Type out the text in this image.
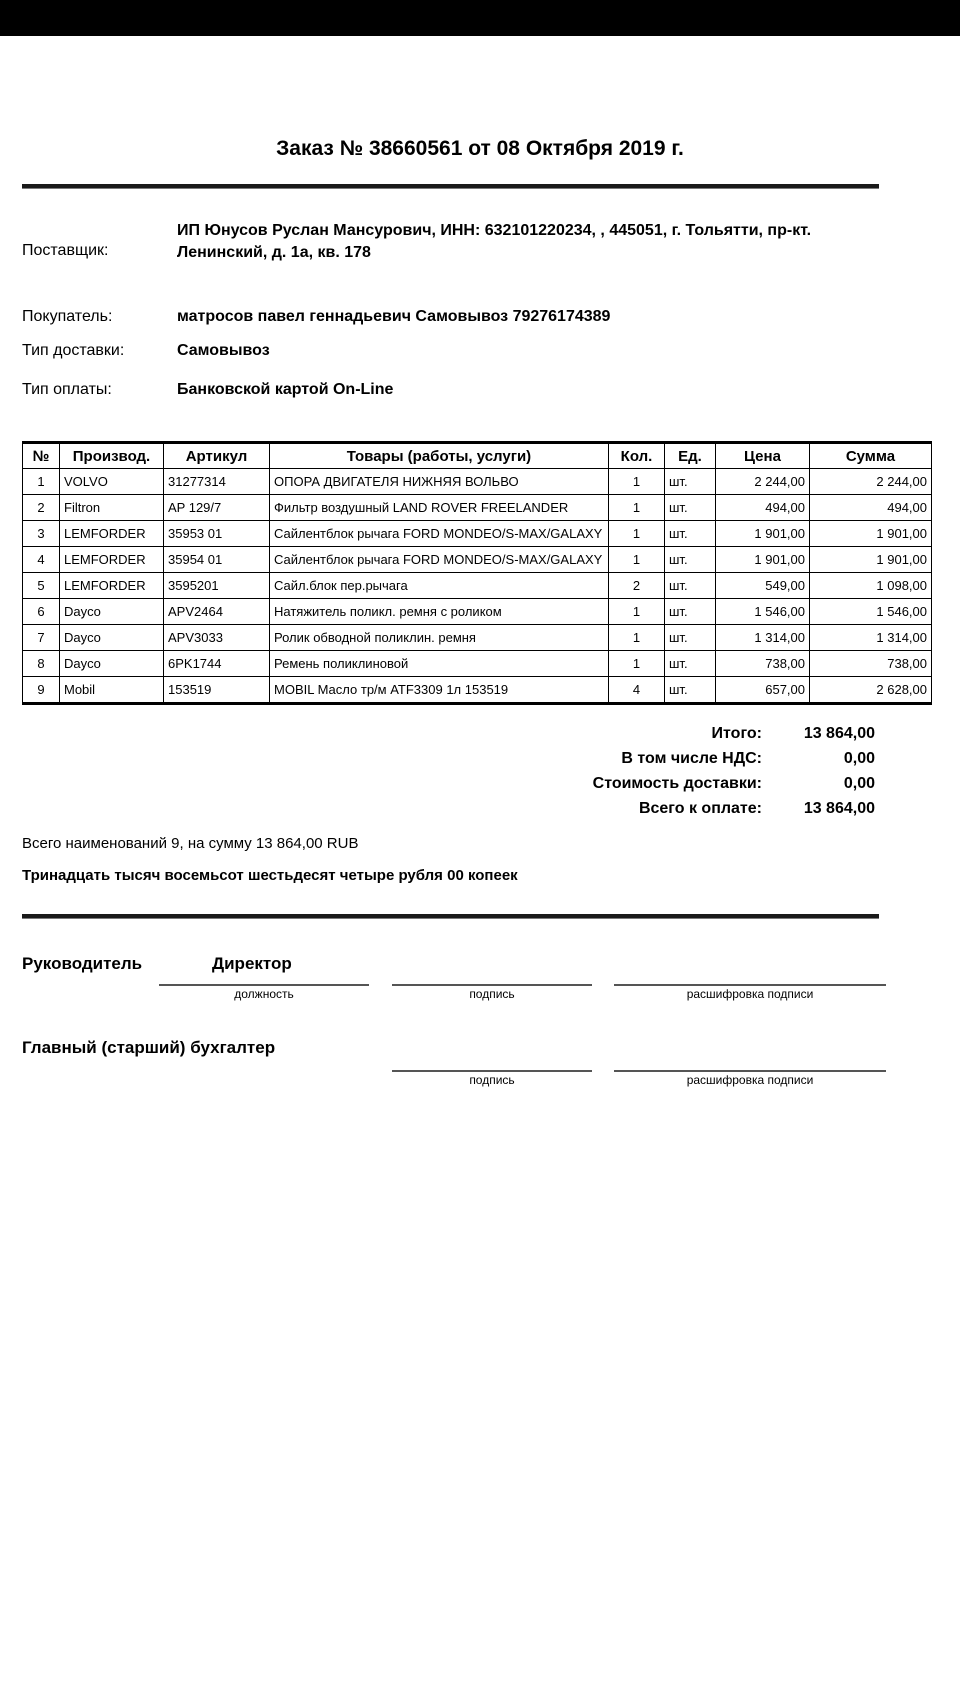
Заказ № 38660561 от 08 Октября 2019 г.
Поставщик:
ИП Юнусов Руслан Мансурович, ИНН: 632101220234, , 445051, г. Тольятти, пр-кт. Ленинский, д. 1а, кв. 178
Покупатель:	матросов павел геннадьевич Самовывоз 79276174389
Тип доставки:	Самовывоз
Тип оплаты:	Банковской картой On-Line
№	Производ.	Артикул	Товары (работы, услуги)	Кол.	Ед.	Цена	Сумма
1	VOLVO	31277314	ОПОРА ДВИГАТЕЛЯ НИЖНЯЯ ВОЛЬВО	1	шт.	2 244,00	2 244,00
2	Filtron	AP 129/7	Фильтр воздушный LAND ROVER FREELANDER	1	шт.	494,00	494,00
3	LEMFORDER	35953 01	Сайлентблок рычага FORD MONDEO/S-MAX/GALAXY	1	шт.	1 901,00	1 901,00
4	LEMFORDER	35954 01	Сайлентблок рычага FORD MONDEO/S-MAX/GALAXY	1	шт.	1 901,00	1 901,00
5	LEMFORDER	3595201	Сайл.блок пер.рычага	2	шт.	549,00	1 098,00
6	Dayco	APV2464	Натяжитель поликл. ремня с роликом	1	шт.	1 546,00	1 546,00
7	Dayco	APV3033	Ролик обводной поликлин. ремня	1	шт.	1 314,00	1 314,00
8	Dayco	6PK1744	Ремень поликлиновой	1	шт.	738,00	738,00
9	Mobil	153519	MOBIL Масло тр/м ATF3309 1л 153519	4	шт.	657,00	2 628,00
Итого:	13 864,00
В том числе НДС:	0,00
Стоимость доставки:	0,00
Всего к оплате:	13 864,00
Всего наименований 9, на сумму 13 864,00 RUB
Тринадцать тысяч восемьсот шестьдесят четыре рубля 00 копеек
Руководитель	Директор
должность	подпись	расшифровка подписи
Главный (старший) бухгалтер
подпись	расшифровка подписи
